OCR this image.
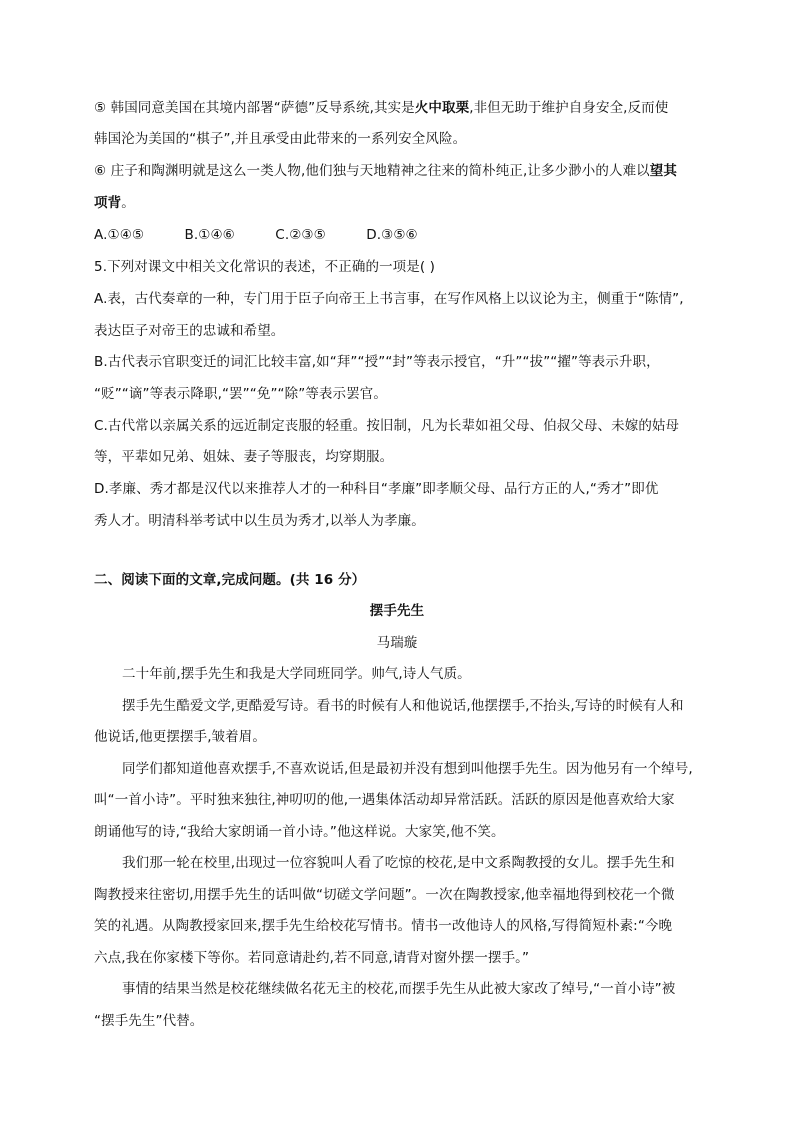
⑤ 韩国同意美国在其境内部署“萨德”反导系统,其实是火中取栗,非但无助于维护自身安全,反而使
韩国沦为美国的“棋子”,并且承受由此带来的一系列安全风险。
⑥ 庄子和陶渊明就是这么一类人物,他们独与天地精神之往来的简朴纯正,让多少渺小的人难以望其
项背。
A.①④⑤	B.①④⑥	C.②③⑤	D.③⑤⑥
5.下列对课文中相关文化常识的表述，不正确的一项是( )
A.表，古代奏章的一种，专门用于臣子向帝王上书言事，在写作风格上以议论为主，侧重于“陈情”,
表达臣子对帝王的忠诚和希望。
B.古代表示官职变迁的词汇比较丰富,如“拜”“授”“封”等表示授官，“升”“拔”“擢”等表示升职，
“贬”“谪”等表示降职,“罢”“免”“除”等表示罢官。
C.古代常以亲属关系的远近制定丧服的轻重。按旧制，凡为长辈如祖父母、伯叔父母、未嫁的姑母
等，平辈如兄弟、姐妹、妻子等服丧，均穿期服。
D.孝廉、秀才都是汉代以来推荐人才的一种科目“孝廉”即孝顺父母、品行方正的人,“秀才”即优
秀人才。明清科举考试中以生员为秀才,以举人为孝廉。
二、阅读下面的文章,完成问题。(共 16 分）
摆手先生
马瑞璇
二十年前,摆手先生和我是大学同班同学。帅气,诗人气质。
摆手先生酷爱文学,更酷爱写诗。看书的时候有人和他说话,他摆摆手,不抬头,写诗的时候有人和
他说话,他更摆摆手,皱着眉。
同学们都知道他喜欢摆手,不喜欢说话,但是最初并没有想到叫他摆手先生。因为他另有一个绰号,
叫“一首小诗”。平时独来独往,神叨叨的他,一遇集体活动却异常活跃。活跃的原因是他喜欢给大家
朗诵他写的诗,“我给大家朗诵一首小诗。”他这样说。大家笑,他不笑。
我们那一轮在校里,出现过一位容貌叫人看了吃惊的校花,是中文系陶教授的女儿。摆手先生和
陶教授来往密切,用摆手先生的话叫做“切磋文学问题”。一次在陶教授家,他幸福地得到校花一个微
笑的礼遇。从陶教授家回来,摆手先生给校花写情书。情书一改他诗人的风格,写得简短朴素:“今晚
六点,我在你家楼下等你。若同意请赴约,若不同意,请背对窗外摆一摆手。”
事情的结果当然是校花继续做名花无主的校花,而摆手先生从此被大家改了绰号,“一首小诗”被
“摆手先生”代替。
